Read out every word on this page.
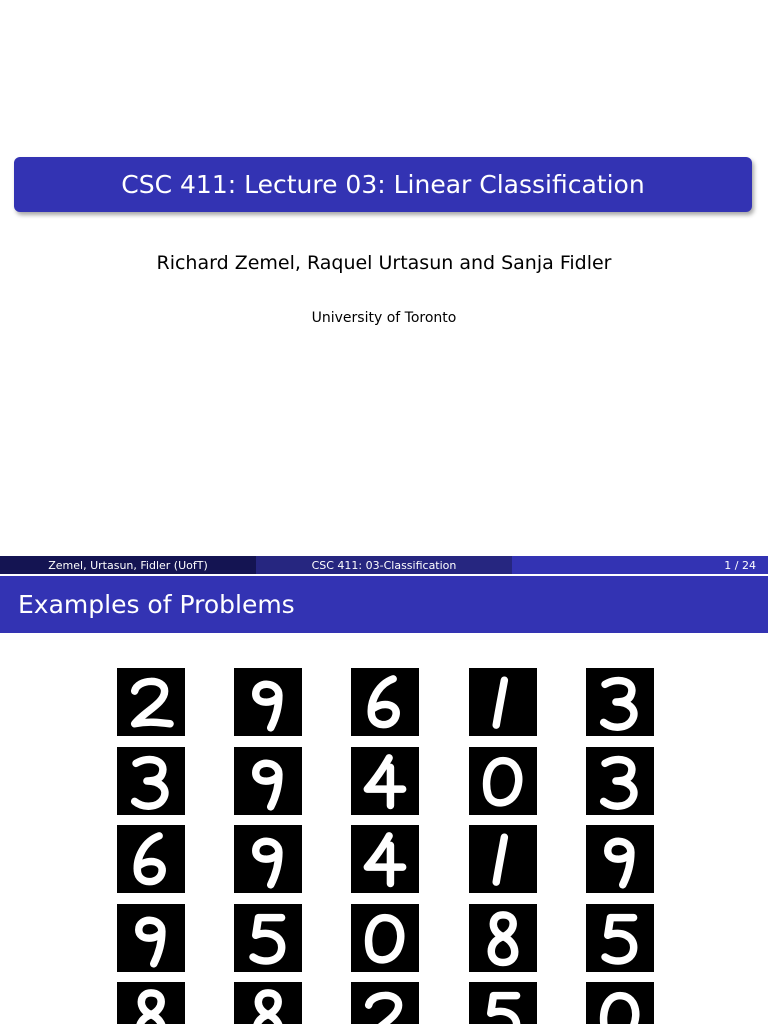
CSC 411: Lecture 03: Linear Classification
Richard Zemel, Raquel Urtasun and Sanja Fidler
University of Toronto
Zemel, Urtasun, Fidler (UofT)	CSC 411: 03-Classification	1 / 24
Examples of Problems
